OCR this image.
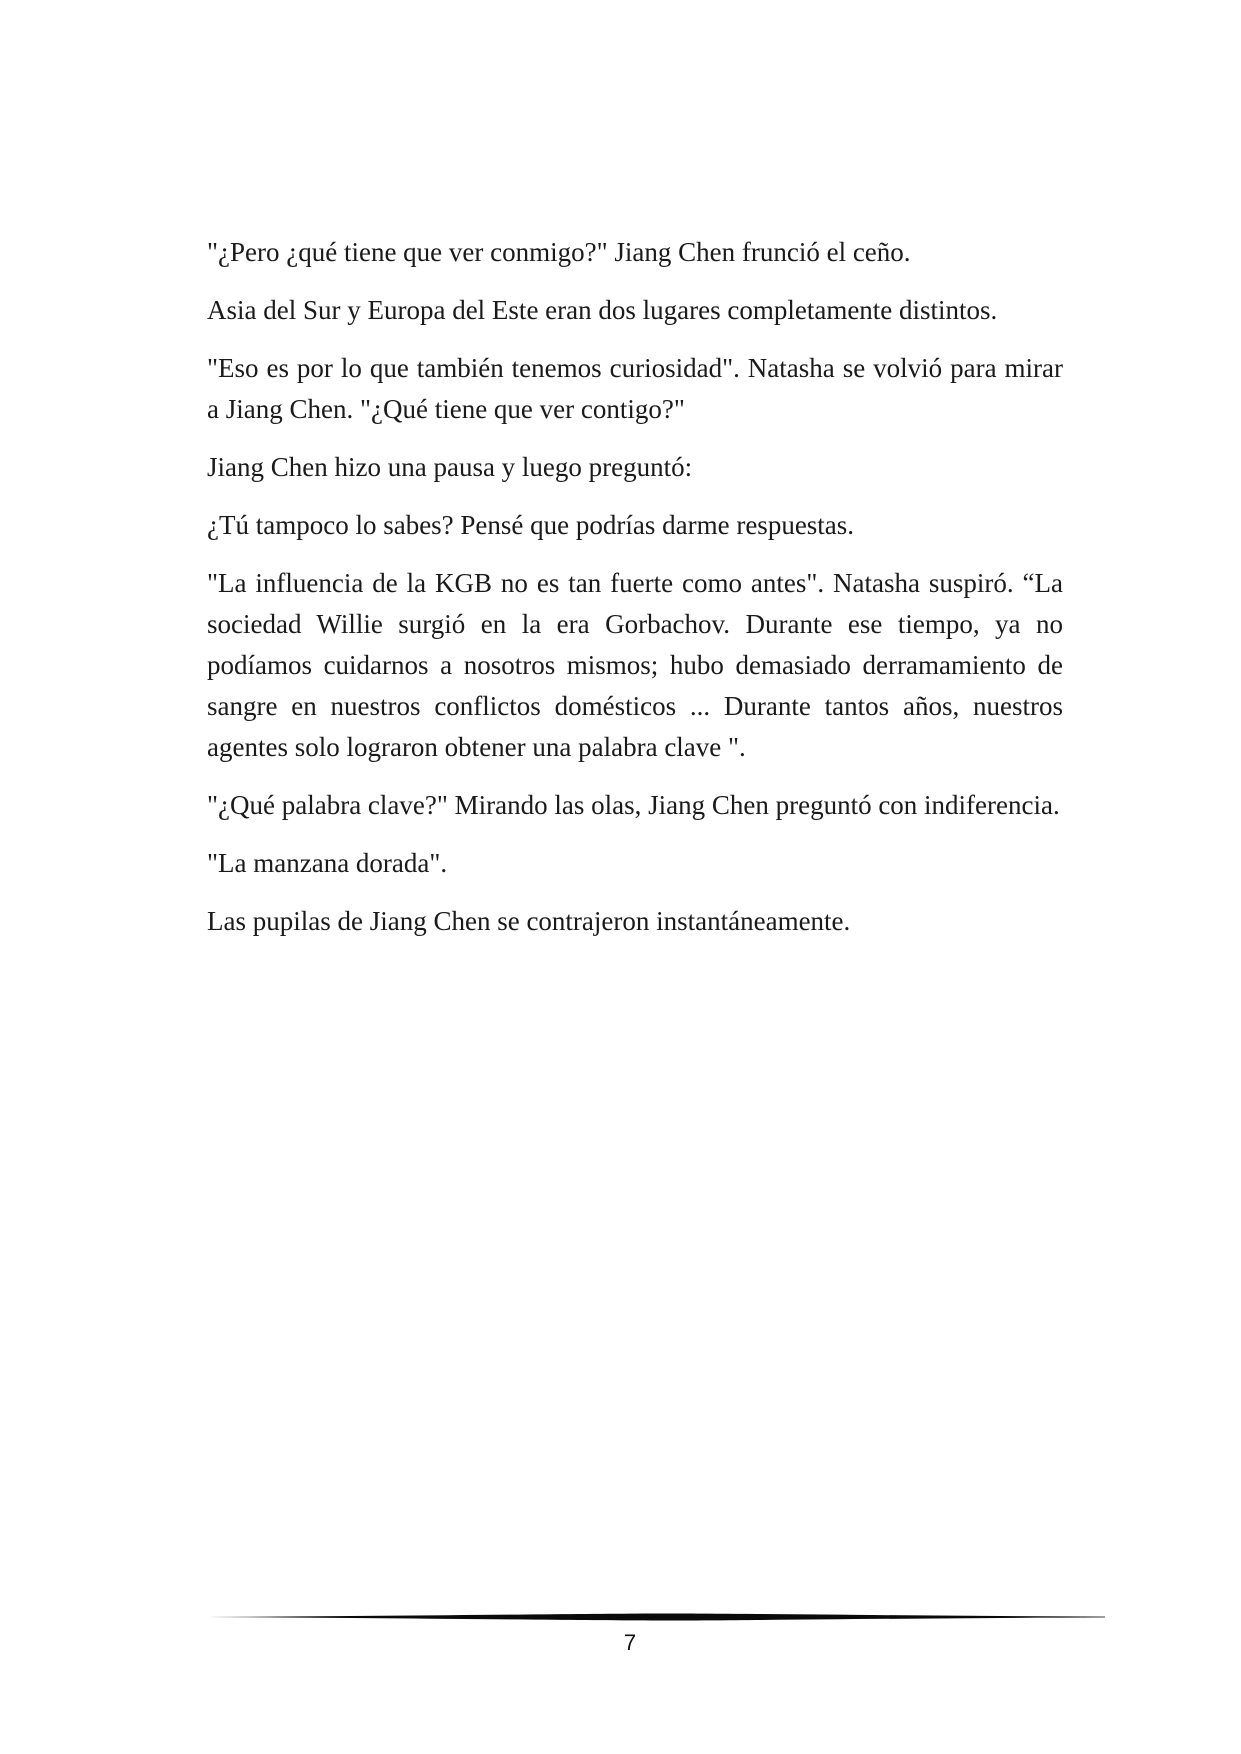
"¿Pero ¿qué tiene que ver conmigo?" Jiang Chen frunció el ceño.

Asia del Sur y Europa del Este eran dos lugares completamente distintos.

"Eso es por lo que también tenemos curiosidad". Natasha se volvió para mirar a Jiang Chen. "¿Qué tiene que ver contigo?"

Jiang Chen hizo una pausa y luego preguntó:

¿Tú tampoco lo sabes? Pensé que podrías darme respuestas.

"La influencia de la KGB no es tan fuerte como antes". Natasha suspiró. “La sociedad Willie surgió en la era Gorbachov. Durante ese tiempo, ya no podíamos cuidarnos a nosotros mismos; hubo demasiado derramamiento de sangre en nuestros conflictos domésticos ... Durante tantos años, nuestros agentes solo lograron obtener una palabra clave ".

"¿Qué palabra clave?" Mirando las olas, Jiang Chen preguntó con indiferencia.

"La manzana dorada".

Las pupilas de Jiang Chen se contrajeron instantáneamente.

7
